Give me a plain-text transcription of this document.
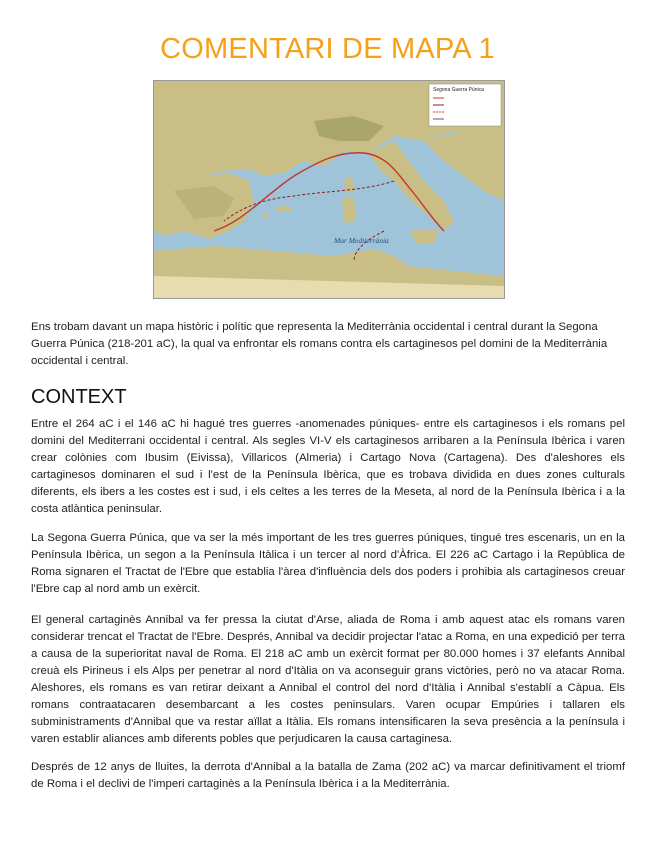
COMENTARI DE MAPA 1
Segona Guerra Púnica
Mar Mediterrània

Ens trobam davant un mapa històric i polític que representa la Mediterrània occidental i central durant la Segona Guerra Púnica (218-201 aC), la qual va enfrontar els romans contra els cartaginesos pel domini de la Mediterrània occidental i central.

CONTEXT

Entre el 264 aC i el 146 aC hi hagué tres guerres -anomenades púniques- entre els cartaginesos i els romans pel domini del Mediterrani occidental i central. Als segles VI-V els cartaginesos arribaren a la Península Ibèrica i varen crear colònies com Ibusim (Eivissa), Villaricos (Almeria) i Cartago Nova (Cartagena). Des d'aleshores els cartaginesos dominaren el sud i l'est de la Península Ibèrica, que es trobava dividida en dues zones culturals diferents, els ibers a les costes est i sud, i els celtes a les terres de la Meseta, al nord de la Península Ibèrica i a la costa atlàntica peninsular.

La Segona Guerra Púnica, que va ser la més important de les tres guerres púniques, tingué tres escenaris, un en la Península Ibèrica, un segon a la Península Itàlica i un tercer al nord d'Àfrica. El 226 aC Cartago i la República de Roma signaren el Tractat de l'Ebre que establia l'àrea d'influència dels dos poders i prohibia als cartaginesos creuar l'Ebre cap al nord amb un exèrcit.

El general cartaginès Annibal va fer pressa la ciutat d'Arse, aliada de Roma i amb aquest atac els romans varen considerar trencat el Tractat de l'Ebre. Després, Annibal va decidir projectar l'atac a Roma, en una expedició per terra a causa de la superioritat naval de Roma. El 218 aC amb un exèrcit format per 80.000 homes i 37 elefants Annibal creuà els Pirineus i els Alps per penetrar al nord d'Itàlia on va aconseguir grans victòries, però no va atacar Roma. Aleshores, els romans es van retirar deixant a Annibal el control del nord d'Itàlia i Annibal s'establí a Càpua. Els romans contraatacaren desembarcant a les costes peninsulars. Varen ocupar Empúries i tallaren els subministraments d'Annibal que va restar aïllat a Itàlia. Els romans intensificaren la seva presència a la península i varen establir aliances amb diferents pobles que perjudicaren la causa cartaginesa.

Després de 12 anys de lluites, la derrota d'Annibal a la batalla de Zama (202 aC) va marcar definitivament el triomf de Roma i el declivi de l'imperi cartaginès a la Península Ibèrica i a la Mediterrània.
